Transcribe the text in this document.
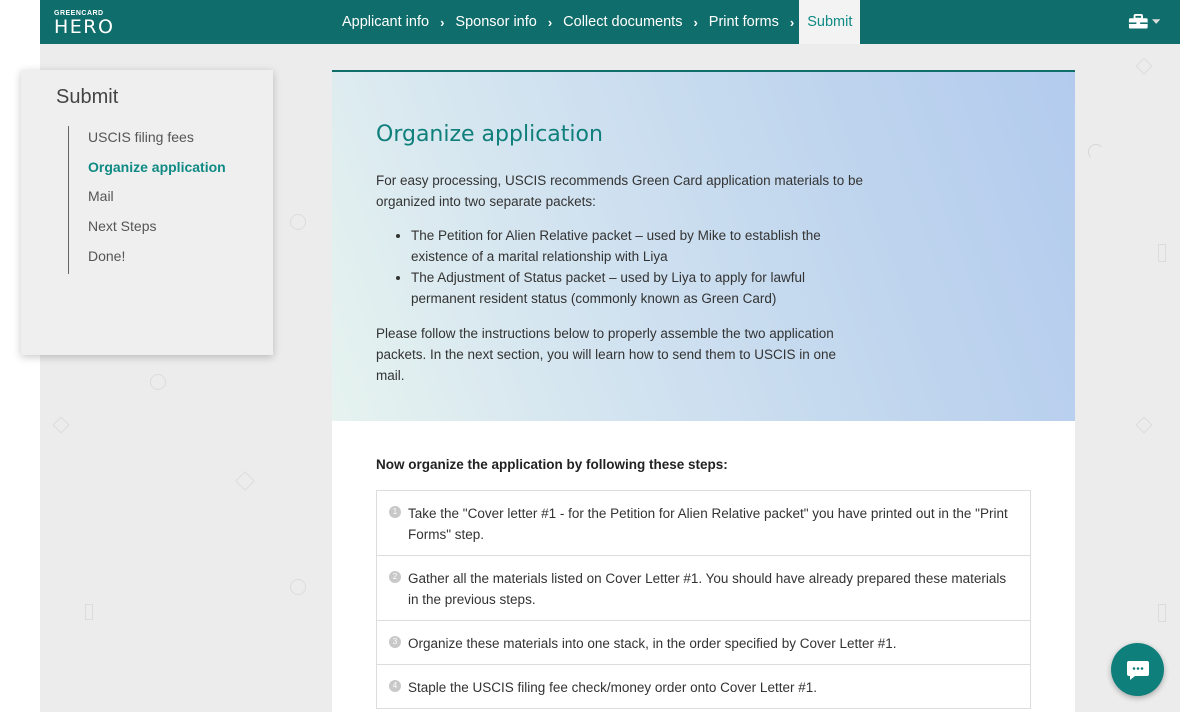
GREENCARD
HERO	Applicant info › Sponsor info › Collect documents › Print forms › Submit
Submit
USCIS filing fees
Organize application
Mail
Next Steps
Done!
Organize application

For easy processing, USCIS recommends Green Card application materials to be organized into two separate packets:

• The Petition for Alien Relative packet – used by Mike to establish the existence of a marital relationship with Liya
• The Adjustment of Status packet – used by Liya to apply for lawful permanent resident status (commonly known as Green Card)

Please follow the instructions below to properly assemble the two application packets. In the next section, you will learn how to send them to USCIS in one mail.

Now organize the application by following these steps:
1 Take the "Cover letter #1 - for the Petition for Alien Relative packet" you have printed out in the "Print Forms" step.
2 Gather all the materials listed on Cover Letter #1. You should have already prepared these materials in the previous steps.
3 Organize these materials into one stack, in the order specified by Cover Letter #1.
4 Staple the USCIS filing fee check/money order onto Cover Letter #1.
